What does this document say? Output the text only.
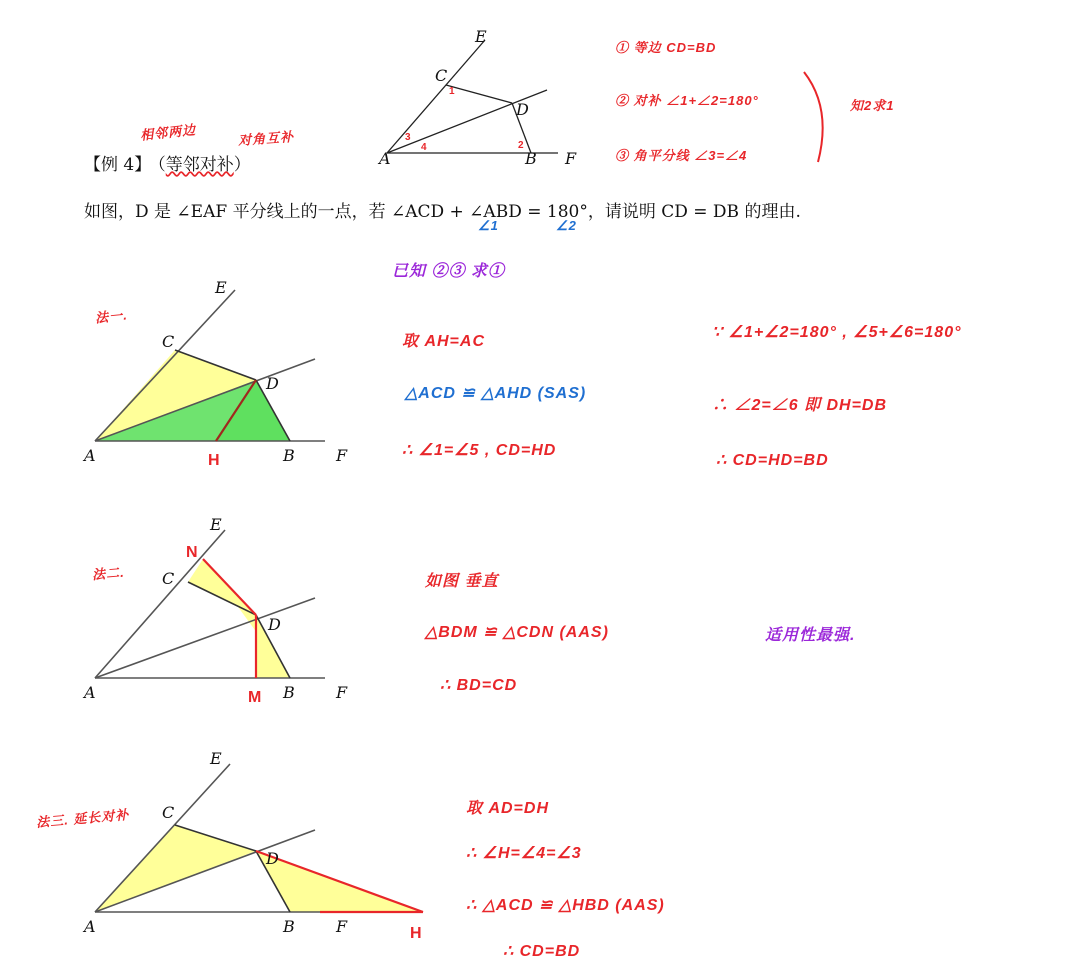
相邻两边	对角互补
【例 4】 （等邻对补）
如图，D 是 ∠EAF 平分线上的一点，若 ∠ACD + ∠ABD = 180°，请说明 CD = DB 的理由.
∠1	∠2
E
C
D
A	B F
1
2
3
4
① 等边 CD=BD
② 对补 ∠1+∠2=180°
③ 角平分线 ∠3=∠4
知2求1
已知 ②③ 求①
法一.
E
C
D
A	H	B	F
取 AH=AC
△ACD ≌ △AHD (SAS)
∴ ∠1=∠5 , CD=HD
∵ ∠1+∠2=180° , ∠5+∠6=180°
∴ ∠2=∠6 即 DH=DB
∴ CD=HD=BD
法二.
E
N
C
D
A	M B	F
如图 垂直
△BDM ≌ △CDN (AAS)
∴ BD=CD
适用性最强.
法三. 延长对补
E
C
D
A	B	F	H
取 AD=DH
∴ ∠H=∠4=∠3
∴ △ACD ≌ △HBD (AAS)
∴ CD=BD
